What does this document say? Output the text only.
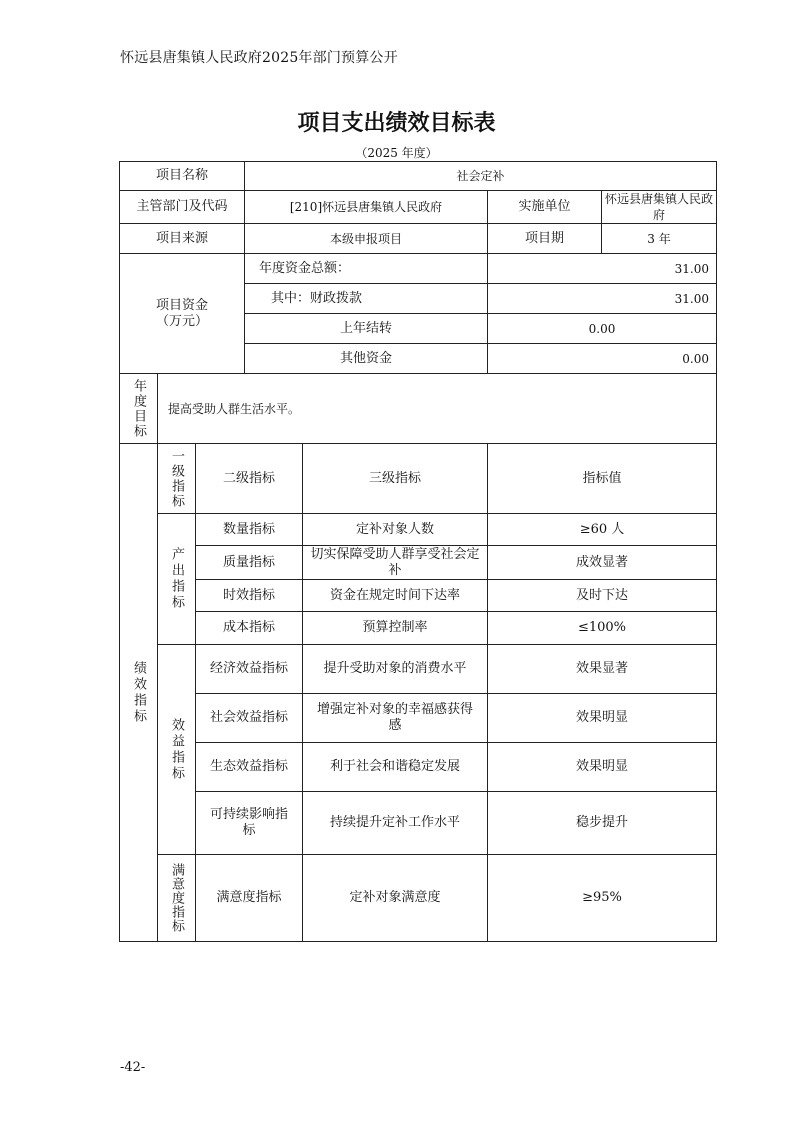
怀远县唐集镇人民政府2025年部门预算公开
项目支出绩效目标表
（2025 年度）
项目名称			社会定补			
主管部门及代码			[210]怀远县唐集镇人民政府		实施单位	怀远县唐集镇人民政府
项目来源			本级申报项目		项目期	3 年
项目资金（万元）			年度资金总额：		31.00	
			其中：财政拨款		31.00	
			上年结转		0.00	
			其他资金		0.00	
年度目标	提高受助人群生活水平。					
绩效指标	一级指标	二级指标		三级指标	指标值	
	产出指标	数量指标		定补对象人数	≥60 人	
		质量指标		切实保障受助人群享受社会定补	成效显著	
		时效指标		资金在规定时间下达率	及时下达	
		成本指标		预算控制率	≤100%	
	效益指标	经济效益指标		提升受助对象的消费水平	效果显著	
		社会效益指标		增强定补对象的幸福感获得感	效果明显	
		生态效益指标		利于社会和谐稳定发展	效果明显	
		可持续影响指标		持续提升定补工作水平	稳步提升	
	满意度指标	满意度指标		定补对象满意度	≥95%	
-42-
